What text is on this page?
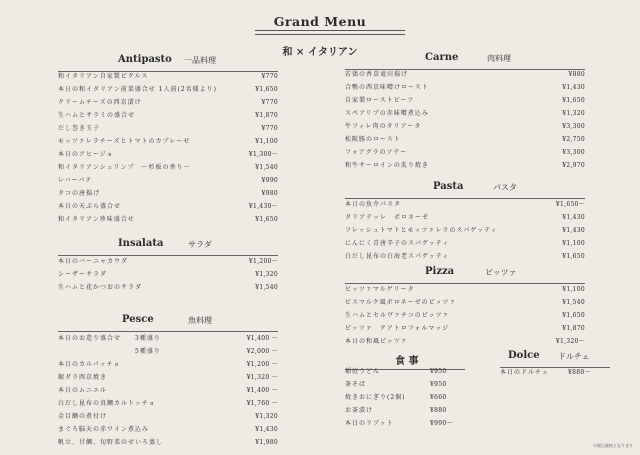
Grand Menu
和 × イタリアン
Antipasto 一品料理
和イタリアン自家製ピクルス	¥770
本日の和イタリアン前菜盛合せ 1人前(2名様より)	¥1,650
クリームチーズの西京漬け	¥770
生ハムとサラミの盛合せ	¥1,870
だし巻き玉子	¥770
モッツァレラチーズとトマトのカプレーゼ	¥1,100
本日のアヒージョ	¥1,300～
和イタリアンシュリンプ　～杉板の香り～	¥1,540
レバーパテ	¥990
タコの唐揚げ	¥980
本日の天ぷら盛合せ	¥1,430～
和イタリアン珍味盛合せ	¥1,650
Insalata	サラダ
本日のバーニャカウダ	¥1,200～
シーザーサラダ	¥1,320
生ハムと花かつおのサラダ	¥1,540
Pesce	魚料理
本日のお造り盛合せ　　3種盛り	¥1,400 ～
　　　　　　　　　　　5種盛り	¥2,000 ～
本日のカルパッチョ	¥1,200 ～
銀ダラ西京焼き	¥1,320 ～
本日のムニエル	¥1,400 ～
白だし昆布の真鯛カルトッチョ	¥1,760 ～
金目鯛の煮付け	¥1,320
まぐろ脳天の赤ワイン煮込み	¥1,430
帆立、甘鯛、旬野菜のせいろ蒸し	¥1,980
Carne	肉料理
若鶏の香草竜田揚げ	¥880
合鴨の西京味噌けロースト	¥1,430
自家製ローストビーフ	¥1,650
スペアリブの赤味噌煮込み	¥1,320
牛フィレ肉のタリアータ	¥3,300
松阪豚のロースト	¥2,750
フォアグラのソテー	¥3,300
和牛サーロインの炙り焼き	¥2,970
Pasta	パスタ
本日の魚介パスタ	¥1,650～
タリアテッレ　ボロネーゼ	¥1,430
フレッシュトマトとモッツァレラのスパゲッティ	¥1,430
にんにく青唐辛子のスパゲッティ	¥1,100
白だし昆布の白海老スパゲッティ	¥1,650
Pizza	ピッツァ
ビッツァマルゲリータ	¥1,100
ビスマルク風ボロネーゼのピッツァ	¥1,540
生ハムとセルヴァチコのピッツァ	¥1,650
ビッツァ　クアトロフォルマッジ	¥1,870
本日の和風ピッツァ	¥1,320～
食 事
稲庭うどん	¥950
茶そば	¥950
焼きおにぎり(2個)	¥660
お茶漬け	¥880
本日のリゾット	¥990～
Dolce ドルチェ
本日のドルチェ	¥880～
※税込価格となります
